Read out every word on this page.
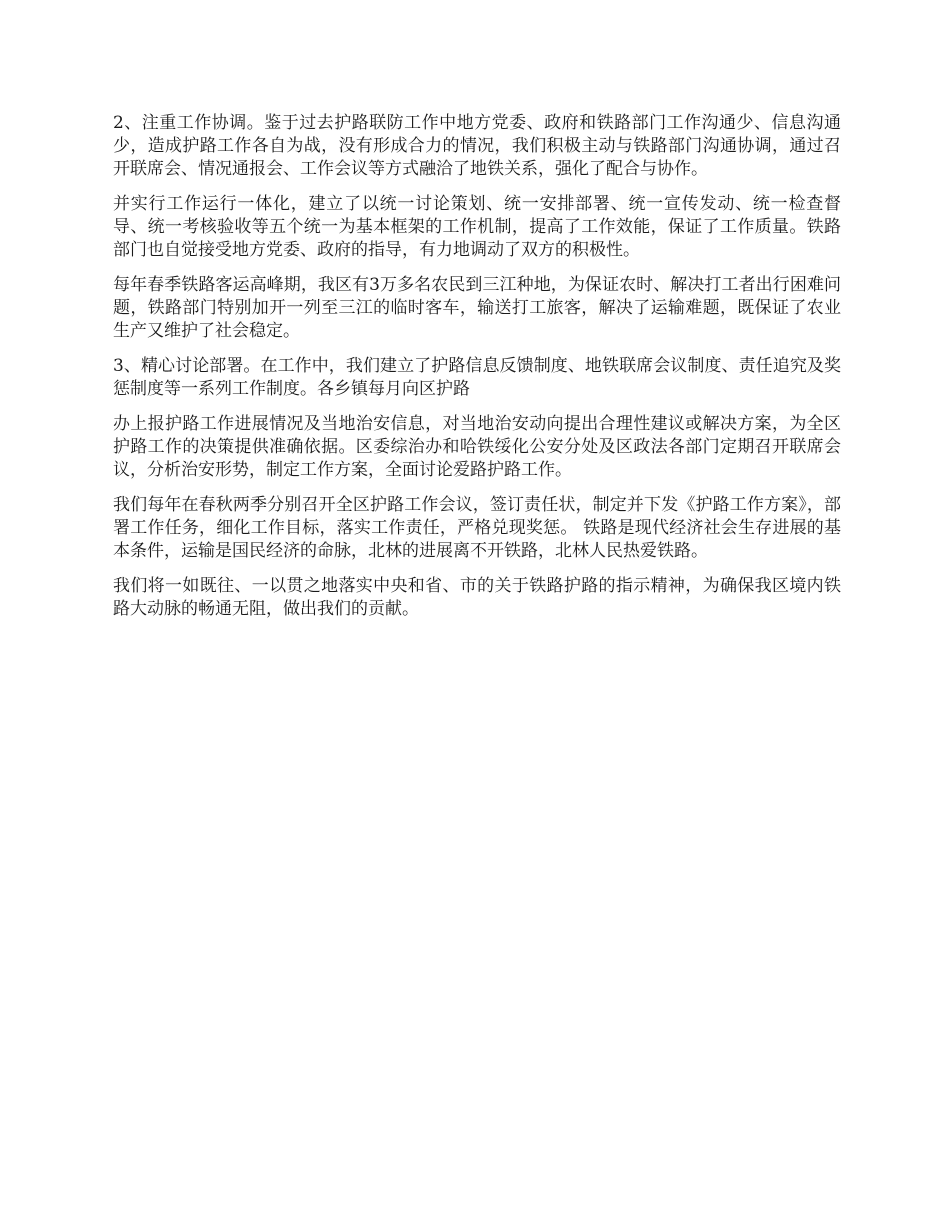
2、注重工作协调。鉴于过去护路联防工作中地方党委、政府和铁路部门工作沟通少、信息沟通少，造成护路工作各自为战，没有形成合力的情况，我们积极主动与铁路部门沟通协调，通过召开联席会、情况通报会、工作会议等方式融洽了地铁关系，强化了配合与协作。

并实行工作运行一体化，建立了以统一讨论策划、统一安排部署、统一宣传发动、统一检查督导、统一考核验收等五个统一为基本框架的工作机制，提高了工作效能，保证了工作质量。铁路部门也自觉接受地方党委、政府的指导，有力地调动了双方的积极性。

每年春季铁路客运高峰期，我区有3万多名农民到三江种地，为保证农时、解决打工者出行困难问题，铁路部门特别加开一列至三江的临时客车，输送打工旅客，解决了运输难题，既保证了农业生产又维护了社会稳定。

3、精心讨论部署。在工作中，我们建立了护路信息反馈制度、地铁联席会议制度、责任追究及奖惩制度等一系列工作制度。各乡镇每月向区护路

办上报护路工作进展情况及当地治安信息，对当地治安动向提出合理性建议或解决方案，为全区护路工作的决策提供准确依据。区委综治办和哈铁绥化公安分处及区政法各部门定期召开联席会议，分析治安形势，制定工作方案，全面讨论爱路护路工作。

我们每年在春秋两季分别召开全区护路工作会议，签订责任状，制定并下发《护路工作方案》，部署工作任务，细化工作目标，落实工作责任，严格兑现奖惩。 铁路是现代经济社会生存进展的基本条件，运输是国民经济的命脉，北林的进展离不开铁路，北林人民热爱铁路。

我们将一如既往、一以贯之地落实中央和省、市的关于铁路护路的指示精神，为确保我区境内铁路大动脉的畅通无阻，做出我们的贡献。
